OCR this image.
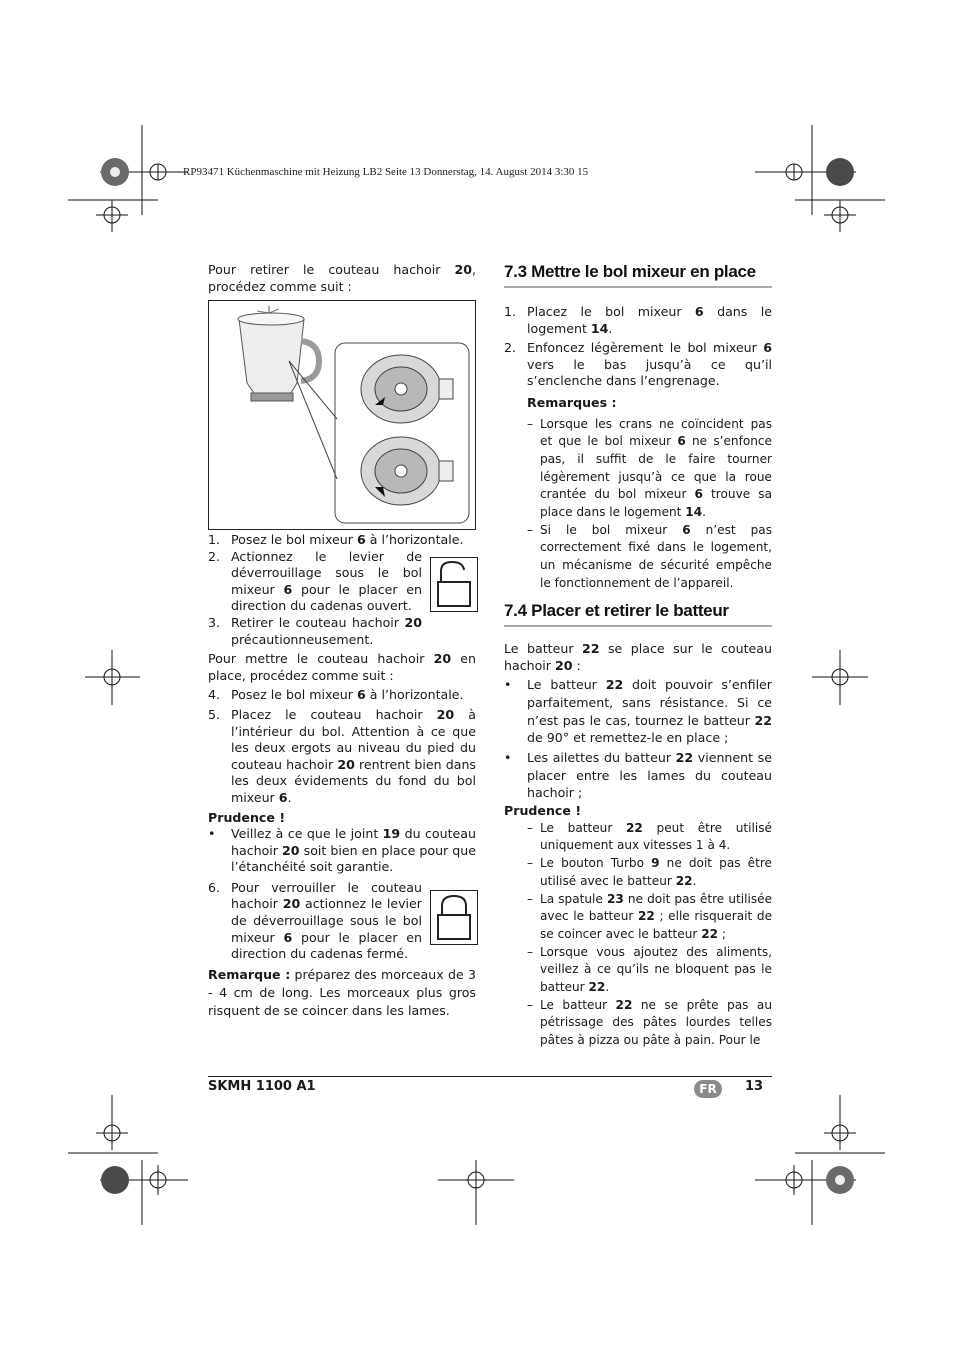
RP93471 Küchenmaschine mit Heizung LB2 Seite 13 Donnerstag, 14. August 2014 3:30 15

Pour retirer le couteau hachoir 20, procédez comme suit :

1. Posez le bol mixeur 6 à l’horizontale.

2. Actionnez le levier de déverrouillage sous le bol mixeur 6 pour le placer en direction du cadenas ouvert.

3. Retirer le couteau hachoir 20 précautionneusement.

Pour mettre le couteau hachoir 20 en place, procédez comme suit :

4. Posez le bol mixeur 6 à l’horizontale.

5. Placez le couteau hachoir 20 à l’intérieur du bol. Attention à ce que les deux ergots au niveau du pied du couteau hachoir 20 rentrent bien dans les deux évidements du fond du bol mixeur 6.

Prudence !

• Veillez à ce que le joint 19 du couteau hachoir 20 soit bien en place pour que l’étanchéité soit garantie.

6. Pour verrouiller le couteau hachoir 20 actionnez le levier de déverrouillage sous le bol mixeur 6 pour le placer en direction du cadenas fermé.

Remarque : préparez des morceaux de 3 - 4 cm de long. Les morceaux plus gros risquent de se coincer dans les lames.

7.3 Mettre le bol mixeur en place

1. Placez le bol mixeur 6 dans le logement 14.

2. Enfoncez légèrement le bol mixeur 6 vers le bas jusqu’à ce qu’il s’enclenche dans l’engrenage.

Remarques :

– Lorsque les crans ne coïncident pas et que le bol mixeur 6 ne s’enfonce pas, il suffit de le faire tourner légèrement jusqu’à ce que la roue crantée du bol mixeur 6 trouve sa place dans le logement 14.

– Si le bol mixeur 6 n’est pas correctement fixé dans le logement, un mécanisme de sécurité empêche le fonctionnement de l’appareil.

7.4 Placer et retirer le batteur

Le batteur 22 se place sur le couteau hachoir 20 :

• Le batteur 22 doit pouvoir s’enfiler parfaitement, sans résistance. Si ce n’est pas le cas, tournez le batteur 22 de 90° et remettez-le en place ;

• Les ailettes du batteur 22 viennent se placer entre les lames du couteau hachoir ;

Prudence !

– Le batteur 22 peut être utilisé uniquement aux vitesses 1 à 4.

– Le bouton Turbo 9 ne doit pas être utilisé avec le batteur 22.

– La spatule 23 ne doit pas être utilisée avec le batteur 22 ; elle risquerait de se coincer avec le batteur 22 ;

– Lorsque vous ajoutez des aliments, veillez à ce qu’ils ne bloquent pas le batteur 22.

– Le batteur 22 ne se prête pas au pétrissage des pâtes lourdes telles pâtes à pizza ou pâte à pain. Pour le

SKMH 1100 A1	FR	13
